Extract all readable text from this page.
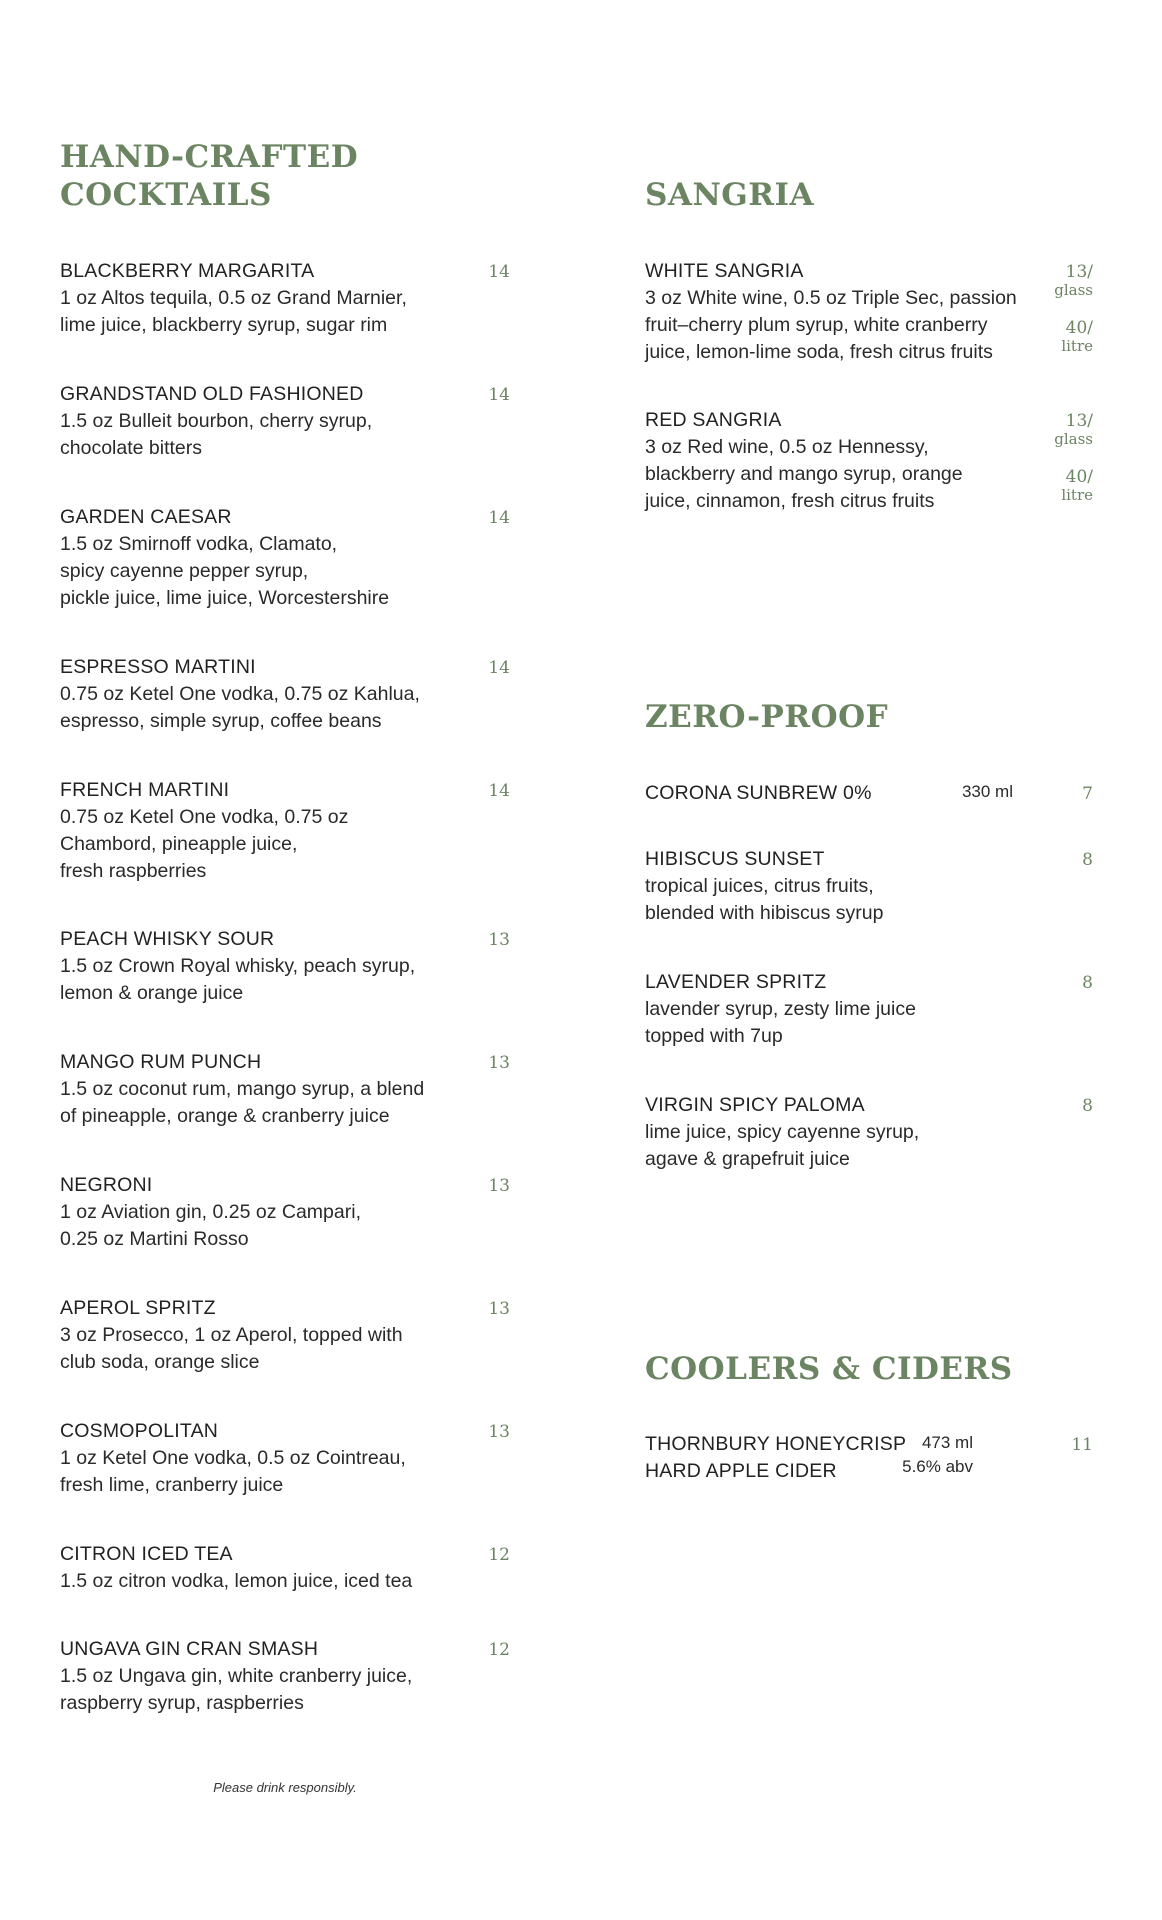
HAND-CRAFTED
COCKTAILS
BLACKBERRY MARGARITA
1 oz Altos tequila, 0.5 oz Grand Marnier,
lime juice, blackberry syrup, sugar rim
14
GRANDSTAND OLD FASHIONED
1.5 oz Bulleit bourbon, cherry syrup,
chocolate bitters
14
GARDEN CAESAR
1.5 oz Smirnoff vodka, Clamato,
spicy cayenne pepper syrup,
pickle juice, lime juice, Worcestershire
14
ESPRESSO MARTINI
0.75 oz Ketel One vodka, 0.75 oz Kahlua,
espresso, simple syrup, coffee beans
14
FRENCH MARTINI
0.75 oz Ketel One vodka, 0.75 oz
Chambord, pineapple juice,
fresh raspberries
14
PEACH WHISKY SOUR
1.5 oz Crown Royal whisky, peach syrup,
lemon & orange juice
13
MANGO RUM PUNCH
1.5 oz coconut rum, mango syrup, a blend
of pineapple, orange & cranberry juice
13
NEGRONI
1 oz Aviation gin, 0.25 oz Campari,
0.25 oz Martini Rosso
13
APEROL SPRITZ
3 oz Prosecco, 1 oz Aperol, topped with
club soda, orange slice
13
COSMOPOLITAN
1 oz Ketel One vodka, 0.5 oz Cointreau,
fresh lime, cranberry juice
13
CITRON ICED TEA
1.5 oz citron vodka, lemon juice, iced tea
12
UNGAVA GIN CRAN SMASH
1.5 oz Ungava gin, white cranberry juice,
raspberry syrup, raspberries
12
Please drink responsibly.
SANGRIA
WHITE SANGRIA
3 oz White wine, 0.5 oz Triple Sec, passion
fruit–cherry plum syrup, white cranberry
juice, lemon-lime soda, fresh citrus fruits
13/
glass
40/
litre
RED SANGRIA
3 oz Red wine, 0.5 oz Hennessy,
blackberry and mango syrup, orange
juice, cinnamon, fresh citrus fruits
13/
glass
40/
litre
ZERO-PROOF
CORONA SUNBREW 0%	330 ml	7
HIBISCUS SUNSET
tropical juices, citrus fruits,
blended with hibiscus syrup
8
LAVENDER SPRITZ
lavender syrup, zesty lime juice
topped with 7up
8
VIRGIN SPICY PALOMA
lime juice, spicy cayenne syrup,
agave & grapefruit juice
8
COOLERS & CIDERS
THORNBURY HONEYCRISP
HARD APPLE CIDER
473 ml
5.6% abv
11
